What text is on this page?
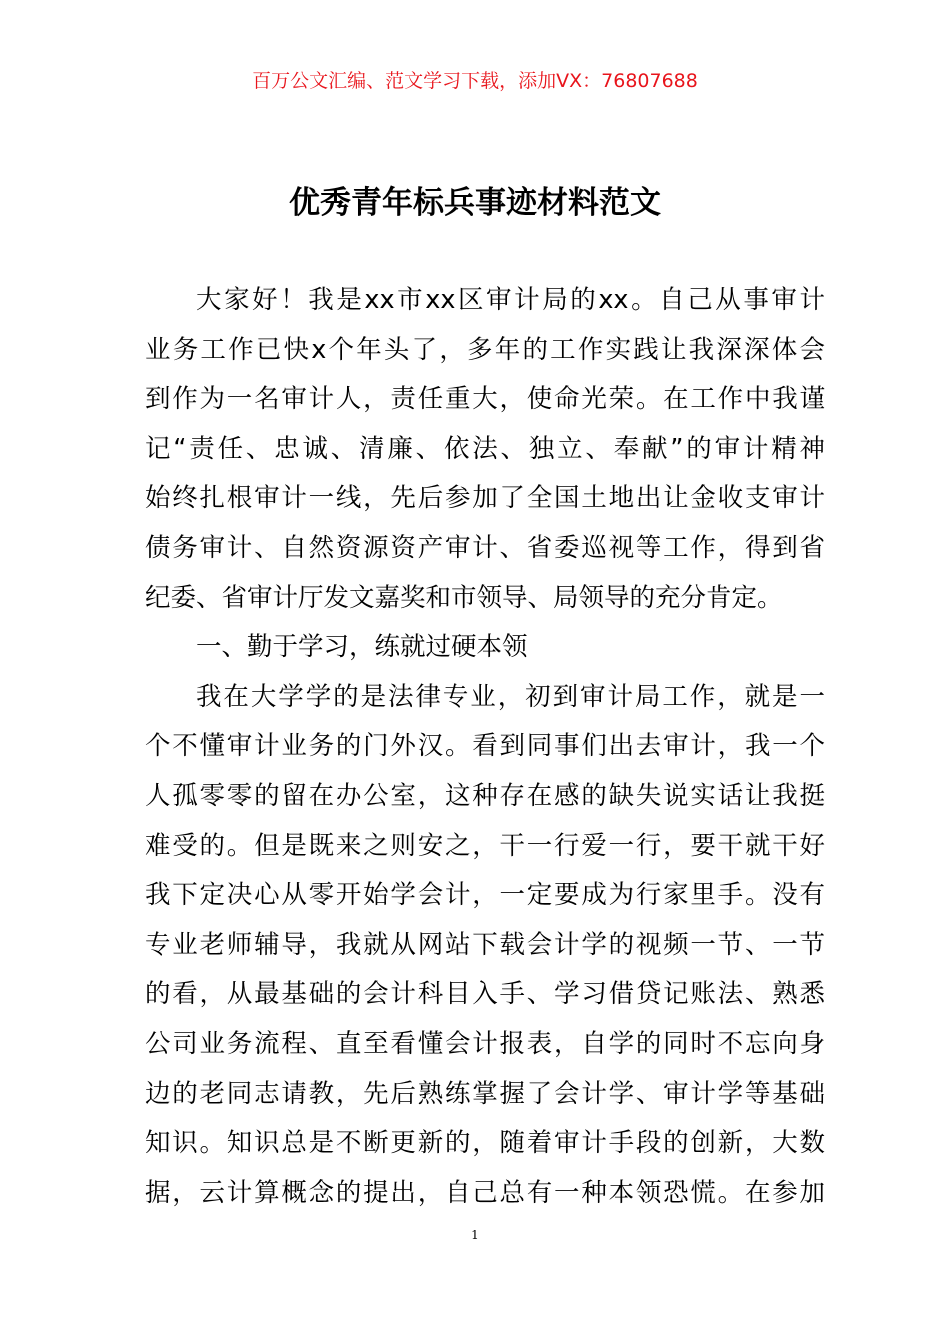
百万公文汇编、范文学习下载，添加VX：76807688
优秀青年标兵事迹材料范文
大家好！我是xx市xx区审计局的xx。自己从事审计
业务工作已快x个年头了，多年的工作实践让我深深体会
到作为一名审计人，责任重大，使命光荣。在工作中我谨
记“责任、忠诚、清廉、依法、独立、奉献”的审计精神
始终扎根审计一线，先后参加了全国土地出让金收支审计
债务审计、自然资源资产审计、省委巡视等工作，得到省
纪委、省审计厅发文嘉奖和市领导、局领导的充分肯定。
一、勤于学习，练就过硬本领
我在大学学的是法律专业，初到审计局工作，就是一
个不懂审计业务的门外汉。看到同事们出去审计，我一个
人孤零零的留在办公室，这种存在感的缺失说实话让我挺
难受的。但是既来之则安之，干一行爱一行，要干就干好
我下定决心从零开始学会计，一定要成为行家里手。没有
专业老师辅导，我就从网站下载会计学的视频一节、一节
的看，从最基础的会计科目入手、学习借贷记账法、熟悉
公司业务流程、直至看懂会计报表，自学的同时不忘向身
边的老同志请教，先后熟练掌握了会计学、审计学等基础
知识。知识总是不断更新的，随着审计手段的创新，大数
据，云计算概念的提出，自己总有一种本领恐慌。在参加
1
